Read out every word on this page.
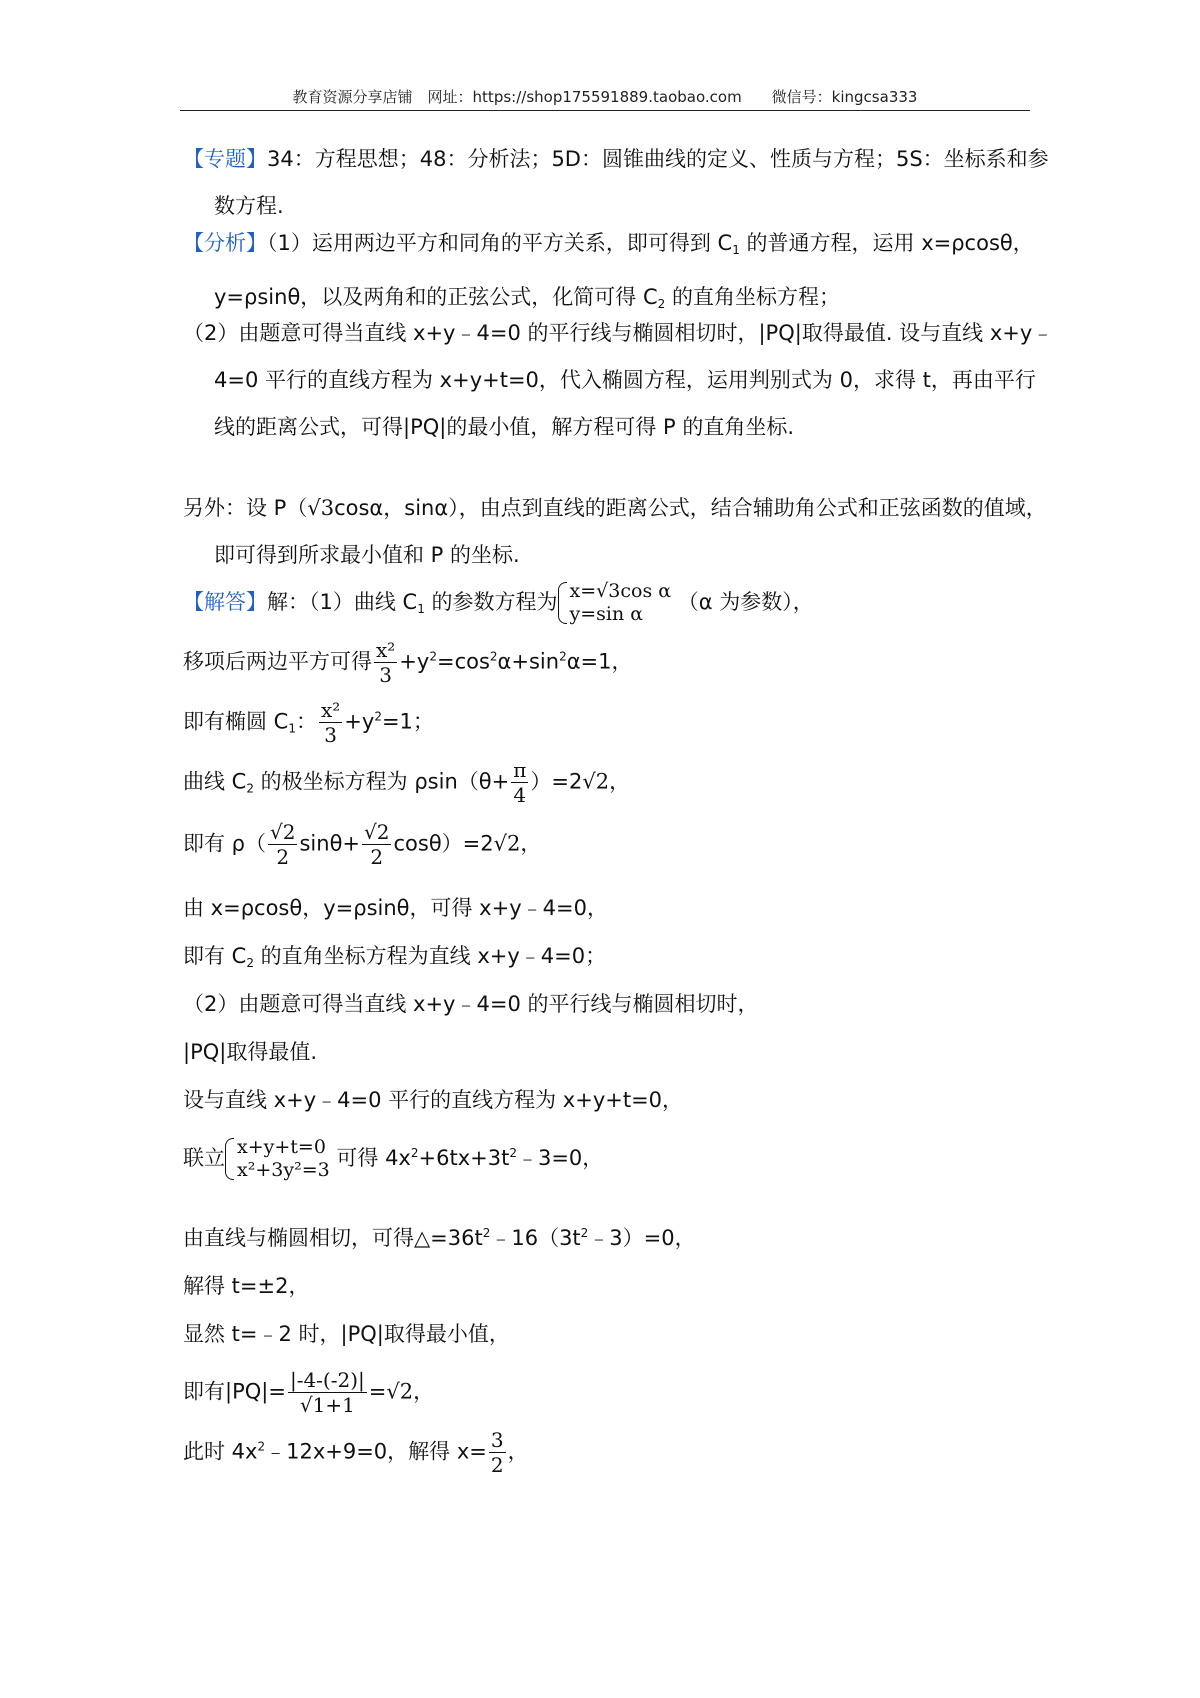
教育资源分享店铺　网址：https://shop175591889.taobao.com　　微信号：kingcsa333
【专题】34：方程思想；48：分析法；5D：圆锥曲线的定义、性质与方程；5S：坐标系和参数方程.
【分析】（1）运用两边平方和同角的平方关系，即可得到 $C_1$ 的普通方程，运用 x=ρcosθ，y=ρsinθ，以及两角和的正弦公式，化简可得 $C_2$ 的直角坐标方程；
（2）由题意可得当直线 x+y﹣4=0 的平行线与椭圆相切时，|PQ|取得最值. 设与直线 x+y﹣4=0 平行的直线方程为 x+y+t=0，代入椭圆方程，运用判别式为 0，求得 t，再由平行线的距离公式，可得|PQ|的最小值，解方程可得 P 的直角坐标.
另外：设 P（√3cosα，sinα），由点到直线的距离公式，结合辅助角公式和正弦函数的值域，即可得到所求最小值和 P 的坐标.
【解答】解：（1）曲线 $C_1$ 的参数方程为 x=√3cos α
y=sin α	（α 为参数），
移项后两边平方可得 $\frac{\text{x²}}{3} +y^2=\cos^2\alpha+\sin^2\alpha=1$，
即有椭圆 $C_1$： $\frac{\text{x²}}{3} +y^2=1$；
曲线 $C_2$ 的极坐标方程为 $\rho\sin(\theta+ \frac{\pi}{4} )=2√2$，
即有 $\rho( \frac{√2}{2} \sin\theta+ \frac{√2}{2} \cos\theta)=2√2$，
由 x=ρcosθ，y=ρsinθ，可得 x+y﹣4=0，
即有 $C_2$ 的直角坐标方程为直线 x+y﹣4=0；
（2）由题意可得当直线 x+y﹣4=0 的平行线与椭圆相切时，
|PQ|取得最值.
设与直线 x+y﹣4=0 平行的直线方程为 x+y+t=0，
联立 x+y+t=0
x²+3y²=3 可得 $4x^2+6tx+3t^2﹣3=0$，
由直线与椭圆相切，可得$\triangle=36t^2﹣16(3t^2﹣3)=0$，
解得 t=±2，
显然 t=﹣2 时，|PQ|取得最小值，
即有$|PQ|= \frac{|-4-(-2)|}{√1+1} =√2$，
此时 $4x^2﹣12x+9=0$，解得 $x= \frac{3}{2}$ ，
